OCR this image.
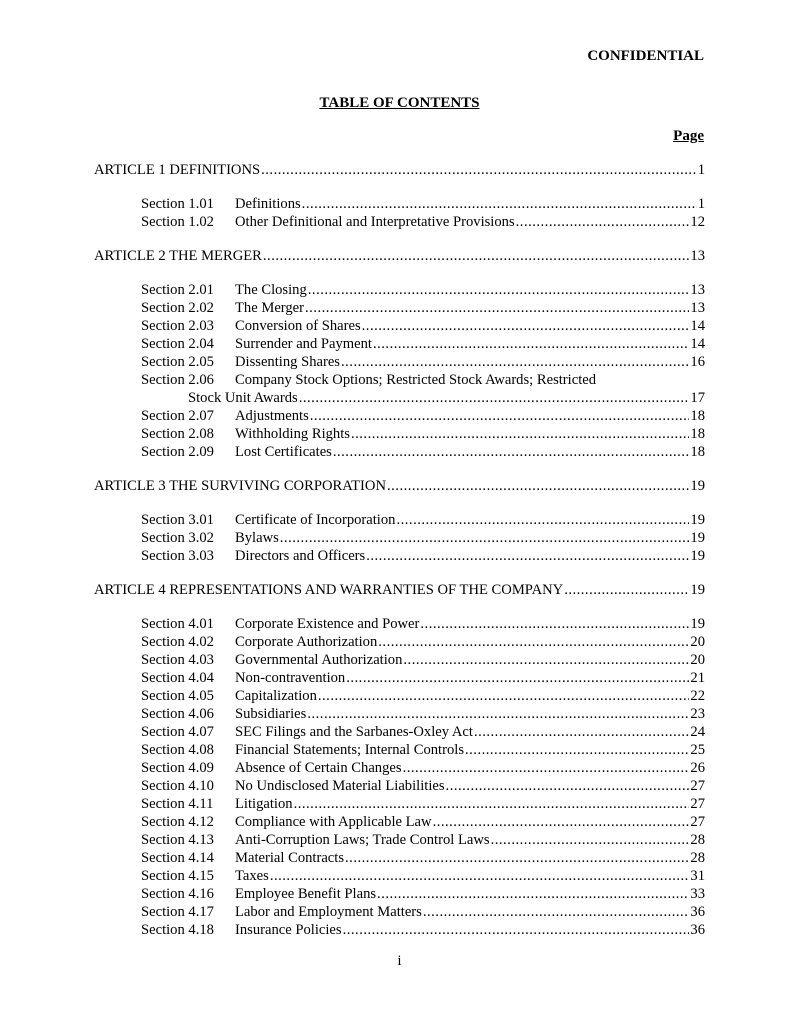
CONFIDENTIAL
TABLE OF CONTENTS
Page
ARTICLE 1 DEFINITIONS .....	1
Section 1.01	Definitions .....	1
Section 1.02	Other Definitional and Interpretative Provisions .....	12
ARTICLE 2 THE MERGER .....	13
Section 2.01	The Closing .....	13
Section 2.02	The Merger .....	13
Section 2.03	Conversion of Shares .....	14
Section 2.04	Surrender and Payment .....	14
Section 2.05	Dissenting Shares .....	16
Section 2.06	Company Stock Options; Restricted Stock Awards; Restricted
Stock Unit Awards .....	17
Section 2.07	Adjustments .....	18
Section 2.08	Withholding Rights .....	18
Section 2.09	Lost Certificates .....	18
ARTICLE 3 THE SURVIVING CORPORATION .....	19
Section 3.01	Certificate of Incorporation .....	19
Section 3.02	Bylaws .....	19
Section 3.03	Directors and Officers .....	19
ARTICLE 4 REPRESENTATIONS AND WARRANTIES OF THE COMPANY .....	19
Section 4.01	Corporate Existence and Power .....	19
Section 4.02	Corporate Authorization .....	20
Section 4.03	Governmental Authorization .....	20
Section 4.04	Non-contravention .....	21
Section 4.05	Capitalization .....	22
Section 4.06	Subsidiaries .....	23
Section 4.07	SEC Filings and the Sarbanes-Oxley Act .....	24
Section 4.08	Financial Statements; Internal Controls .....	25
Section 4.09	Absence of Certain Changes .....	26
Section 4.10	No Undisclosed Material Liabilities .....	27
Section 4.11	Litigation .....	27
Section 4.12	Compliance with Applicable Law .....	27
Section 4.13	Anti-Corruption Laws; Trade Control Laws .....	28
Section 4.14	Material Contracts .....	28
Section 4.15	Taxes .....	31
Section 4.16	Employee Benefit Plans .....	33
Section 4.17	Labor and Employment Matters .....	36
Section 4.18	Insurance Policies .....	36
i
